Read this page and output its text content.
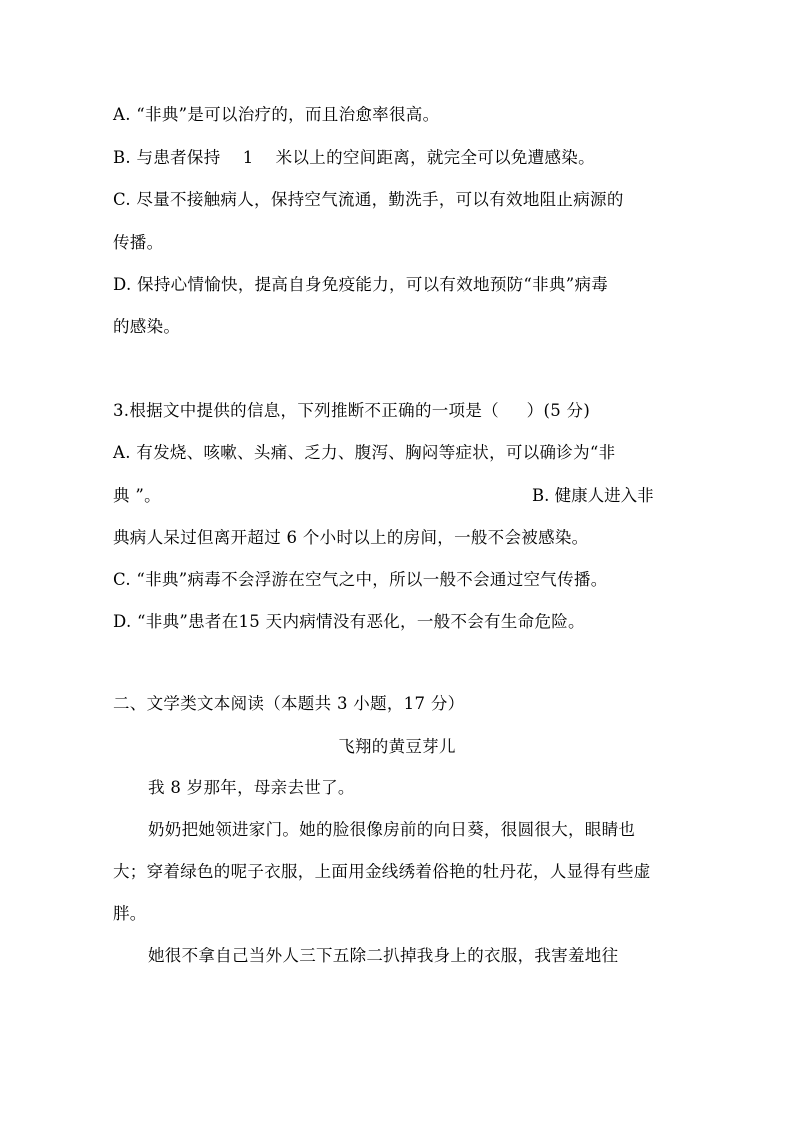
A. “非典”是可以治疗的，而且治愈率很高。
B. 与患者保持    1    米以上的空间距离，就完全可以免遭感染。
C. 尽量不接触病人，保持空气流通，勤洗手，可以有效地阻止病源的
传播。
D. 保持心情愉快，提高自身免疫能力，可以有效地预防“非典”病毒
的感染。
3.根据文中提供的信息，下列推断不正确的一项是（     ）(5 分)
A. 有发烧、咳嗽、头痛、乏力、腹泻、胸闷等症状，可以确诊为“非
典 ”。	B. 健康人进入非
典病人呆过但离开超过 6 个小时以上的房间，一般不会被感染。
C. “非典”病毒不会浮游在空气之中，所以一般不会通过空气传播。
D. “非典”患者在15 天内病情没有恶化，一般不会有生命危险。
二、文学类文本阅读（本题共 3 小题，17 分）
飞翔的黄豆芽儿
我 8 岁那年，母亲去世了。
奶奶把她领进家门。她的脸很像房前的向日葵，很圆很大，眼睛也
大；穿着绿色的呢子衣服，上面用金线绣着俗艳的牡丹花，人显得有些虚
胖。
她很不拿自己当外人三下五除二扒掉我身上的衣服，我害羞地往
